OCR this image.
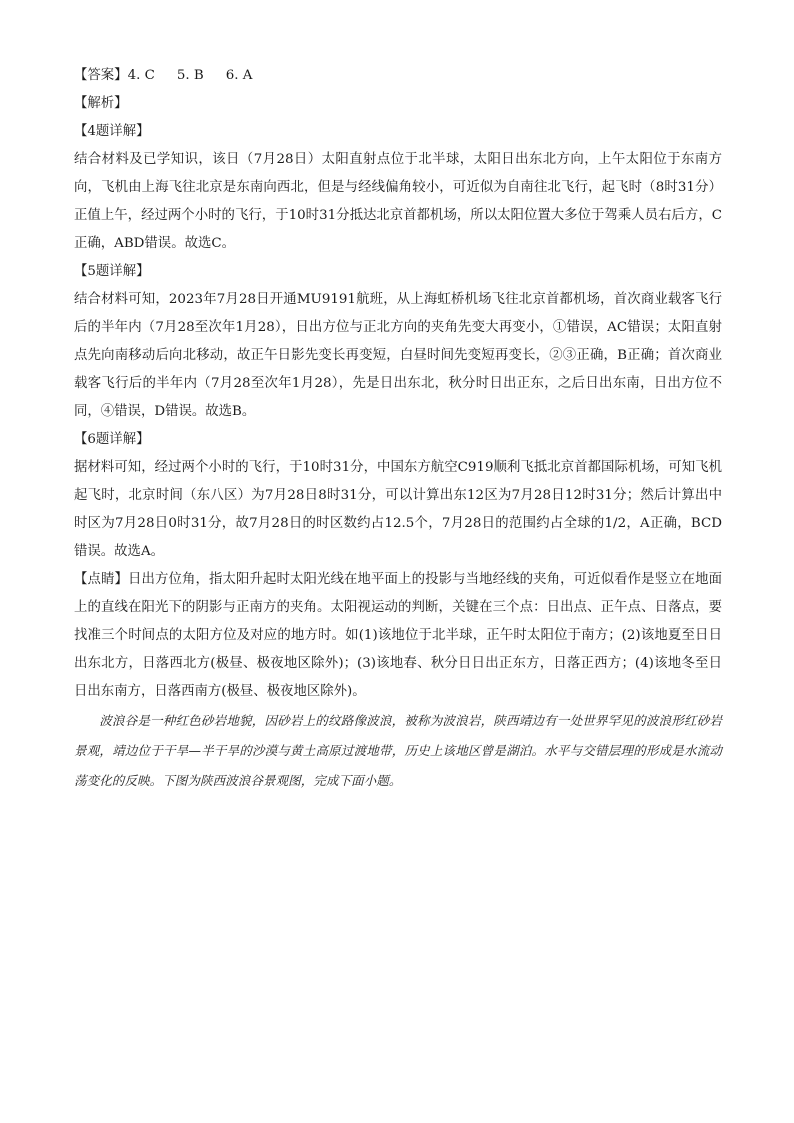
【答案】4. C 5. B 6. A

【解析】

【4题详解】

结合材料及已学知识，该日（7月28日）太阳直射点位于北半球，太阳日出东北方向，上午太阳位于东南方向，飞机由上海飞往北京是东南向西北，但是与经线偏角较小，可近似为自南往北飞行，起飞时（8时31分）正值上午，经过两个小时的飞行，于10时31分抵达北京首都机场，所以太阳位置大多位于驾乘人员右后方，C正确，ABD错误。故选C。

【5题详解】

结合材料可知，2023年7月28日开通MU9191航班，从上海虹桥机场飞往北京首都机场，首次商业载客飞行后的半年内（7月28至次年1月28），日出方位与正北方向的夹角先变大再变小，①错误，AC错误；太阳直射点先向南移动后向北移动，故正午日影先变长再变短，白昼时间先变短再变长，②③正确，B正确；首次商业载客飞行后的半年内（7月28至次年1月28），先是日出东北，秋分时日出正东，之后日出东南，日出方位不同，④错误，D错误。故选B。

【6题详解】

据材料可知，经过两个小时的飞行，于10时31分，中国东方航空C919顺利飞抵北京首都国际机场，可知飞机起飞时，北京时间（东八区）为7月28日8时31分，可以计算出东12区为7月28日12时31分；然后计算出中时区为7月28日0时31分，故7月28日的时区数约占12.5个，7月28日的范围约占全球的1/2，A正确，BCD错误。故选A。

【点睛】日出方位角，指太阳升起时太阳光线在地平面上的投影与当地经线的夹角，可近似看作是竖立在地面上的直线在阳光下的阴影与正南方的夹角。太阳视运动的判断，关键在三个点：日出点、正午点、日落点，要找准三个时间点的太阳方位及对应的地方时。如(1)该地位于北半球，正午时太阳位于南方；(2)该地夏至日日出东北方，日落西北方(极昼、极夜地区除外)；(3)该地春、秋分日日出正东方，日落正西方；(4)该地冬至日日出东南方，日落西南方(极昼、极夜地区除外)。

波浪谷是一种红色砂岩地貌，因砂岩上的纹路像波浪，被称为波浪岩，陕西靖边有一处世界罕见的波浪形红砂岩景观，靖边位于干旱—半干旱的沙漠与黄土高原过渡地带，历史上该地区曾是湖泊。水平与交错层理的形成是水流动荡变化的反映。下图为陕西波浪谷景观图，完成下面小题。
